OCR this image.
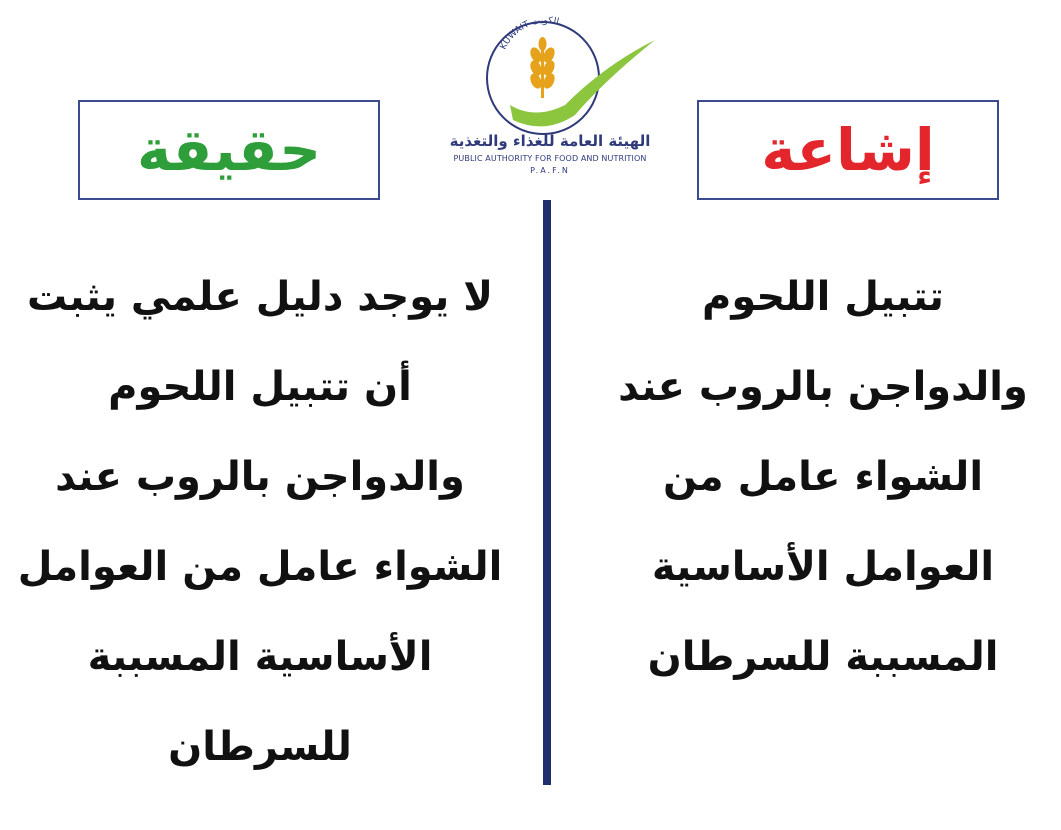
حقيقة	إشاعة
KUWAIT الكويت
الهيئة العامة للغذاء والتغذية
PUBLIC AUTHORITY FOR FOOD AND NUTRITION
P.A.F.N
لا يوجد دليل علمي يثبت
أن تتبيل اللحوم
والدواجن بالروب عند
الشواء عامل من العوامل
الأساسية المسببة
للسرطان
تتبيل اللحوم
والدواجن بالروب عند
الشواء عامل من
العوامل الأساسية
المسببة للسرطان
